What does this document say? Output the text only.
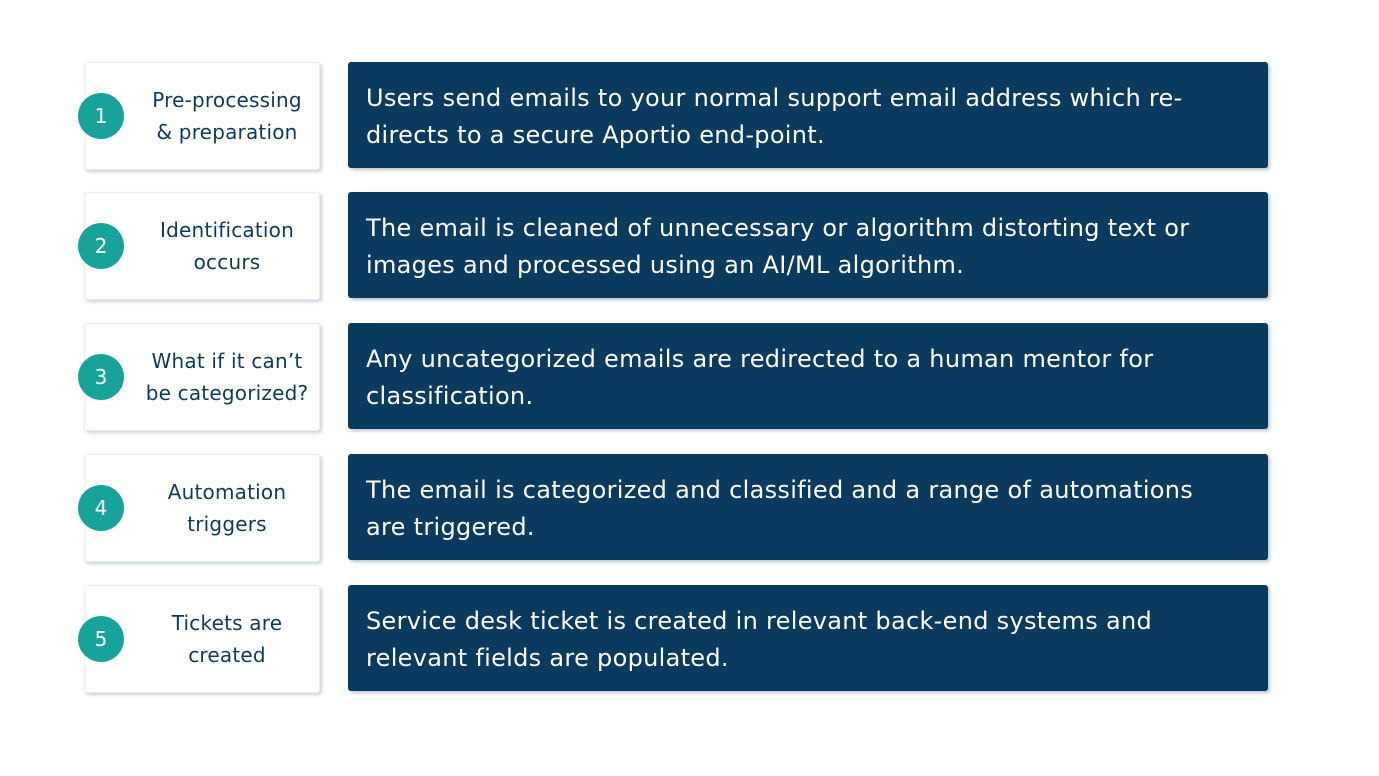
Pre-processing
& preparation
1
Users send emails to your normal support email address which re-
directs to a secure Aportio end-point.
Identification
occurs
2
The email is cleaned of unnecessary or algorithm distorting text or
images and processed using an AI/ML algorithm.
What if it can’t
be categorized?
3
Any uncategorized emails are redirected to a human mentor for
classification.
Automation
triggers
4
The email is categorized and classified and a range of automations
are triggered.
Tickets are
created
5
Service desk ticket is created in relevant back-end systems and
relevant fields are populated.
